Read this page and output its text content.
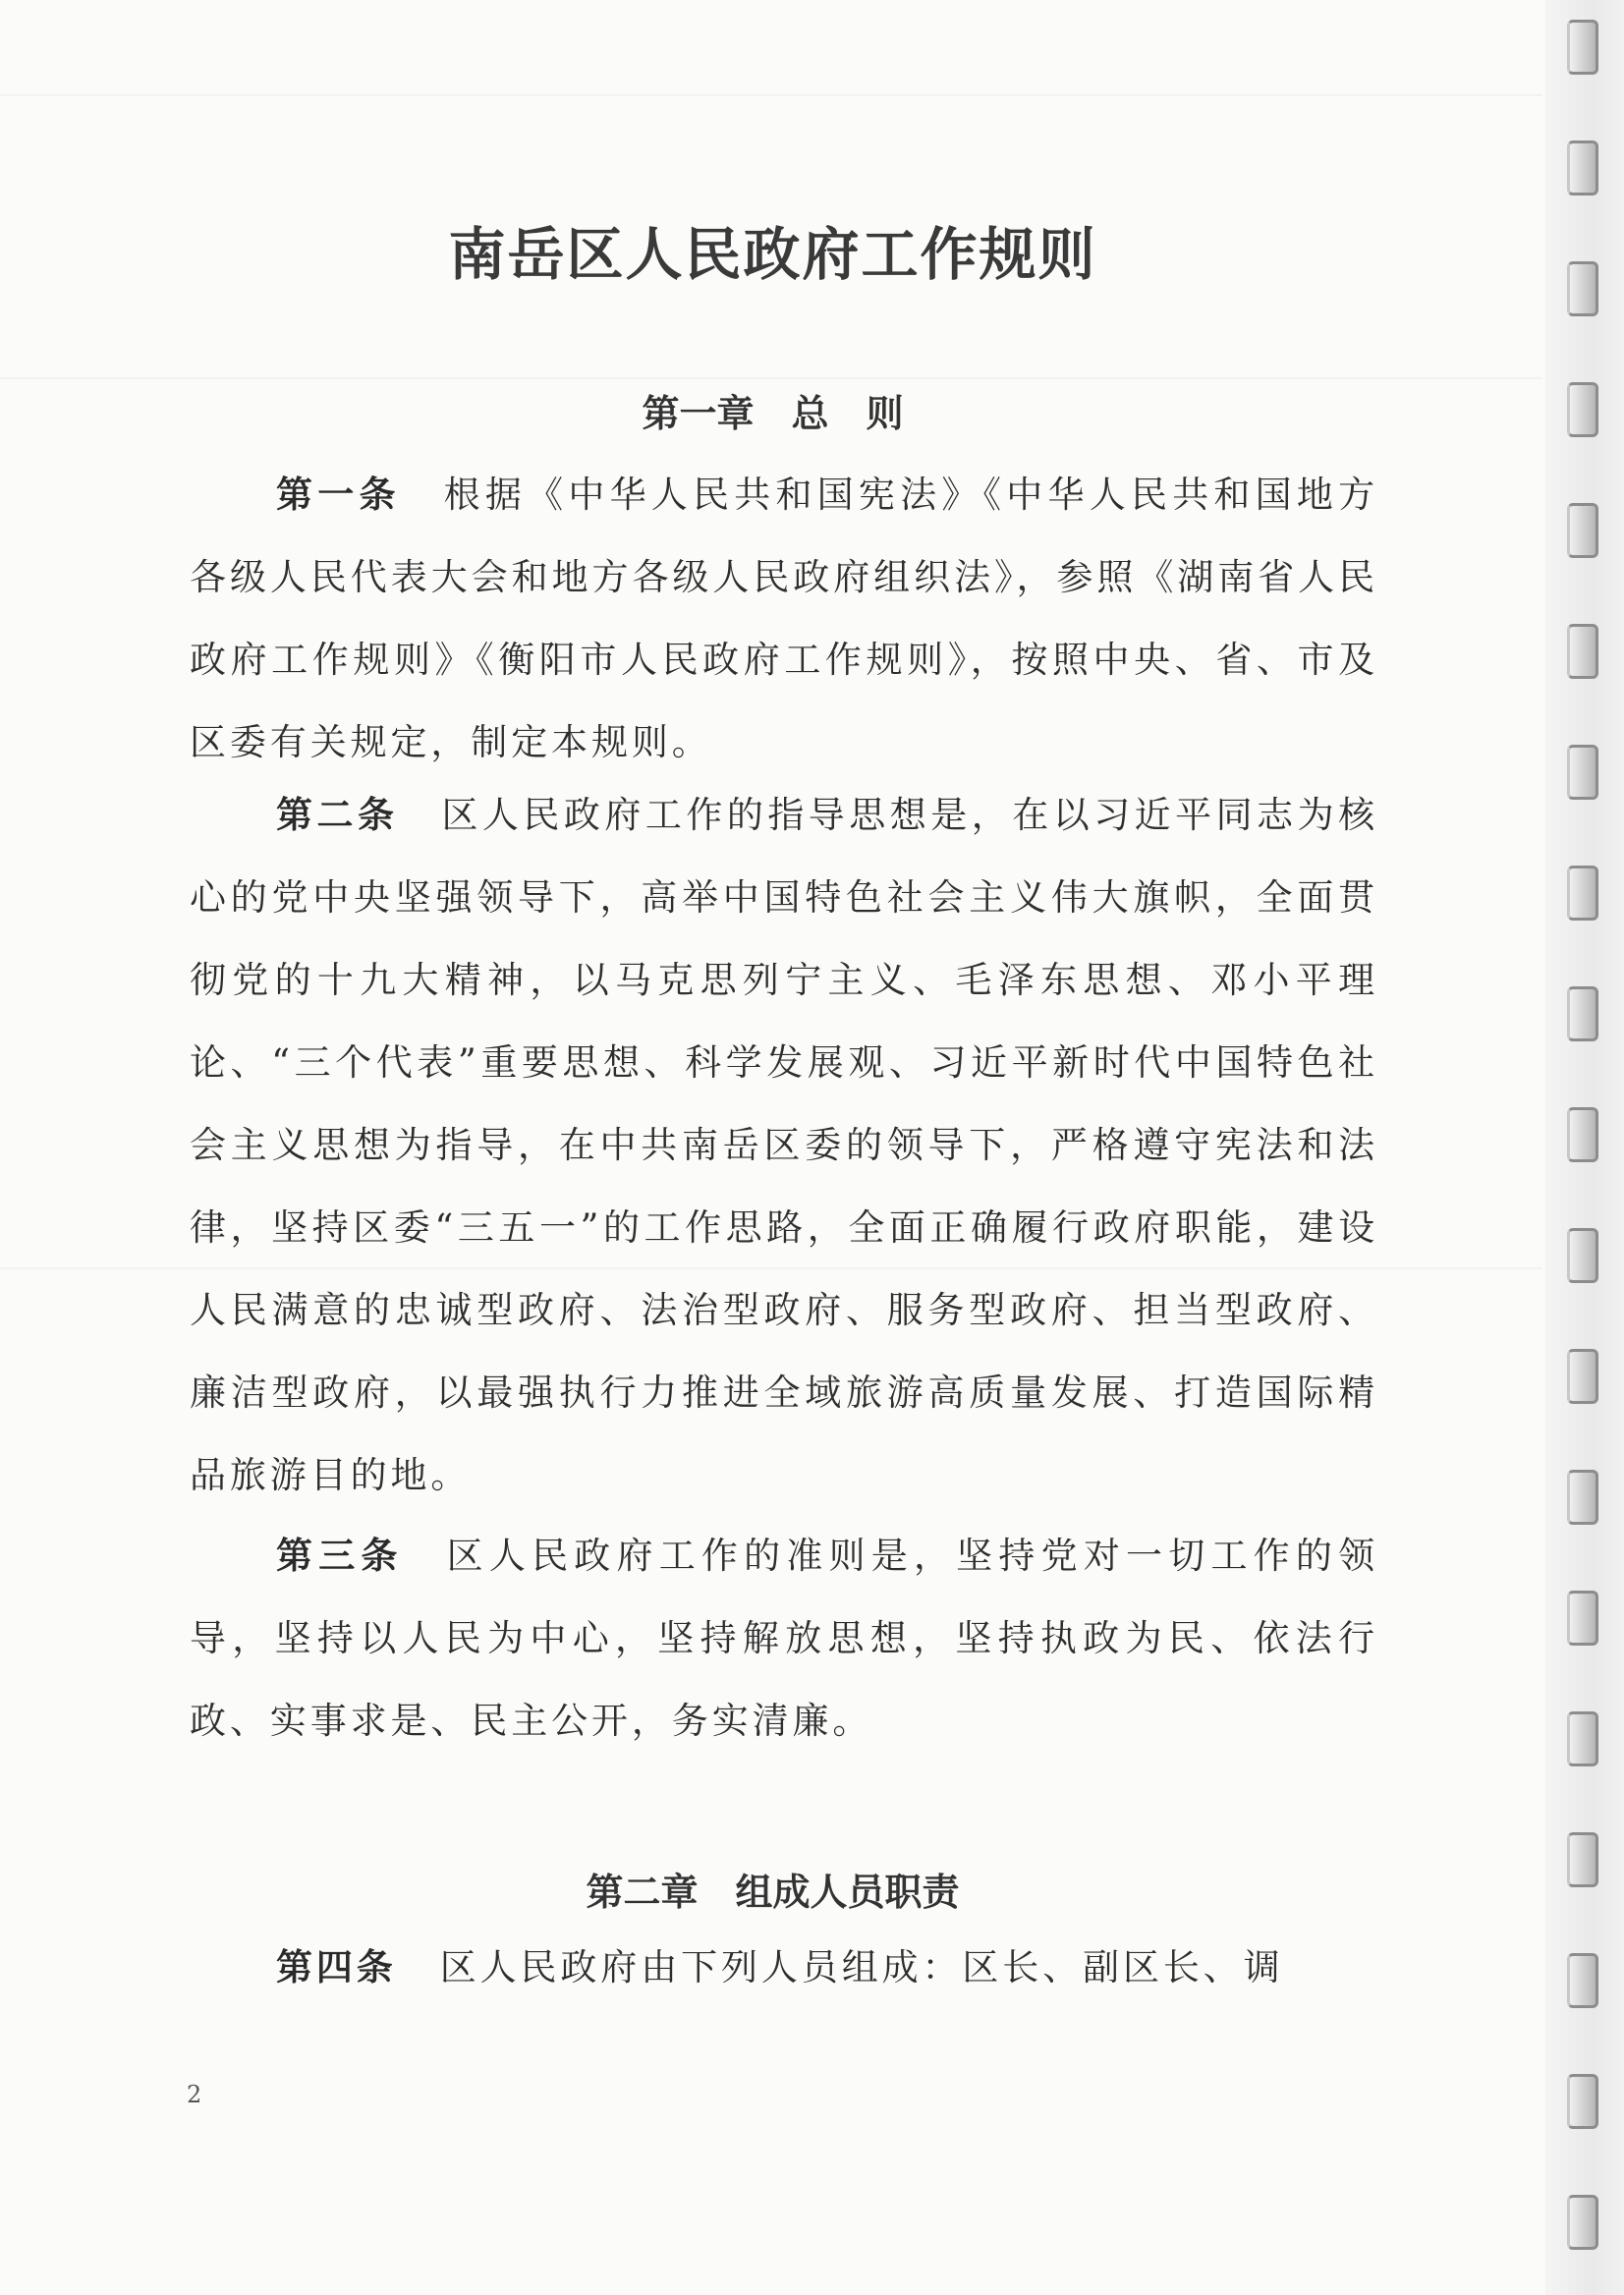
南岳区人民政府工作规则
第一章　总　则

第一条 根据《中华人民共和国宪法》《中华人民共和国地方各级人民代表大会和地方各级人民政府组织法》，参照《湖南省人民政府工作规则》《衡阳市人民政府工作规则》，按照中央、省、市及区委有关规定，制定本规则。

第二条 区人民政府工作的指导思想是，在以习近平同志为核心的党中央坚强领导下，高举中国特色社会主义伟大旗帜，全面贯彻党的十九大精神，以马克思列宁主义、毛泽东思想、邓小平理论、“三个代表”重要思想、科学发展观、习近平新时代中国特色社会主义思想为指导，在中共南岳区委的领导下，严格遵守宪法和法律，坚持区委“三五一”的工作思路，全面正确履行政府职能，建设人民满意的忠诚型政府、法治型政府、服务型政府、担当型政府、廉洁型政府，以最强执行力推进全域旅游高质量发展、打造国际精品旅游目的地。

第三条 区人民政府工作的准则是，坚持党对一切工作的领导，坚持以人民为中心，坚持解放思想，坚持执政为民、依法行政、实事求是、民主公开，务实清廉。

第二章　组成人员职责

第四条 区人民政府由下列人员组成：区长、副区长、调

2
